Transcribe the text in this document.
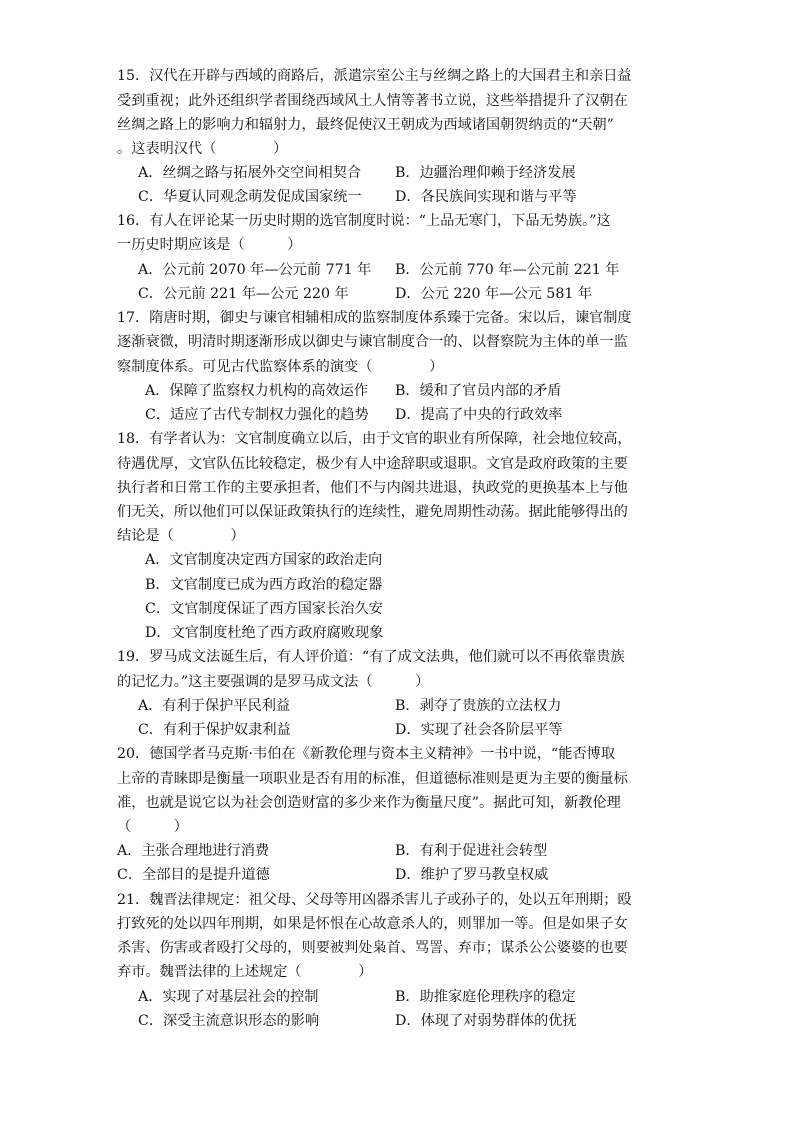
15．汉代在开辟与西域的商路后，派遣宗室公主与丝绸之路上的大国君主和亲日益
受到重视；此外还组织学者围绕西域风土人情等著书立说，这些举措提升了汉朝在
丝绸之路上的影响力和辐射力，最终促使汉王朝成为西域诸国朝贺纳贡的“天朝”
。这表明汉代（　　　　）
A．丝绸之路与拓展外交空间相契合 B．边疆治理仰赖于经济发展
C．华夏认同观念萌发促成国家统一 D．各民族间实现和谐与平等
16．有人在评论某一历史时期的选官制度时说：“上品无寒门，下品无势族。”这
一历史时期应该是（　　　）
A．公元前 2070 年—公元前 771 年 B．公元前 770 年—公元前 221 年
C．公元前 221 年—公元 220 年	D．公元 220 年—公元 581 年
17．隋唐时期，御史与谏官相辅相成的监察制度体系臻于完备。宋以后，谏官制度
逐渐衰微，明清时期逐渐形成以御史与谏官制度合一的、以督察院为主体的单一监
察制度体系。可见古代监察体系的演变（　　　　）
A．保障了监察权力机构的高效运作 B．缓和了官员内部的矛盾
C．适应了古代专制权力强化的趋势 D．提高了中央的行政效率
18．有学者认为：文官制度确立以后，由于文官的职业有所保障，社会地位较高，
待遇优厚，文官队伍比较稳定，极少有人中途辞职或退职。文官是政府政策的主要
执行者和日常工作的主要承担者，他们不与内阁共进退，执政党的更换基本上与他
们无关，所以他们可以保证政策执行的连续性，避免周期性动荡。据此能够得出的
结论是（　　　　）
A．文官制度决定西方国家的政治走向
B．文官制度已成为西方政治的稳定器
C．文官制度保证了西方国家长治久安
D．文官制度杜绝了西方政府腐败现象
19．罗马成文法诞生后，有人评价道：“有了成文法典，他们就可以不再依靠贵族
的记忆力。”这主要强调的是罗马成文法（　　　）
A．有利于保护平民利益	B．剥夺了贵族的立法权力
C．有利于保护奴隶利益	D．实现了社会各阶层平等
20．德国学者马克斯·韦伯在《新教伦理与资本主义精神》一书中说，“能否博取
上帝的青睐即是衡量一项职业是否有用的标准，但道德标准则是更为主要的衡量标
准，也就是说它以为社会创造财富的多少来作为衡量尺度”。据此可知，新教伦理
（　　　）
A．主张合理地进行消费	B．有利于促进社会转型
C．全部目的是提升道德	D．维护了罗马教皇权威
21．魏晋法律规定：祖父母、父母等用凶器杀害儿子或孙子的，处以五年刑期；殴
打致死的处以四年刑期，如果是怀恨在心故意杀人的，则罪加一等。但是如果子女
杀害、伤害或者殴打父母的，则要被判处枭首、骂詈、弃市；谋杀公公婆婆的也要
弃市。魏晋法律的上述规定（　　　　）
A．实现了对基层社会的控制	B．助推家庭伦理秩序的稳定
C．深受主流意识形态的影响	D．体现了对弱势群体的优抚
